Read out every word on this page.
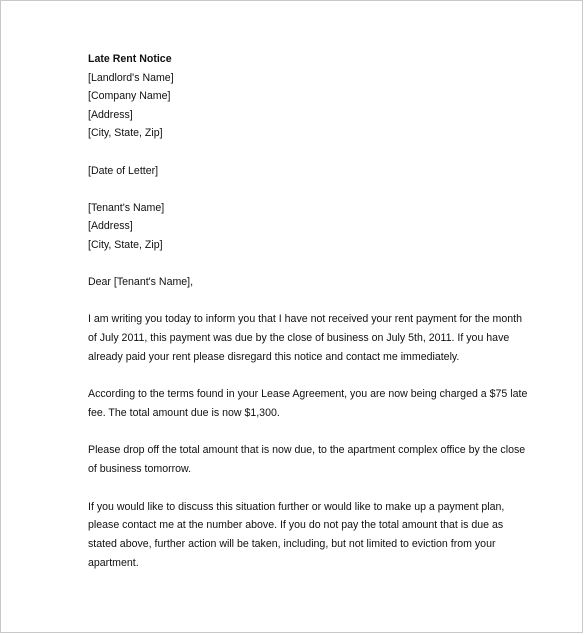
Late Rent Notice

[Landlord's Name]

[Company Name]

[Address]

[City, State, Zip]

[Date of Letter]

[Tenant's Name]

[Address]

[City, State, Zip]

Dear [Tenant's Name],

I am writing you today to inform you that I have not received your rent payment for the month of July 2011, this payment was due by the close of business on July 5th, 2011. If you have already paid your rent please disregard this notice and contact me immediately.

According to the terms found in your Lease Agreement, you are now being charged a $75 late fee. The total amount due is now $1,300.

Please drop off the total amount that is now due, to the apartment complex office by the close of business tomorrow.

If you would like to discuss this situation further or would like to make up a payment plan, please contact me at the number above. If you do not pay the total amount that is due as stated above, further action will be taken, including, but not limited to eviction from your apartment.
